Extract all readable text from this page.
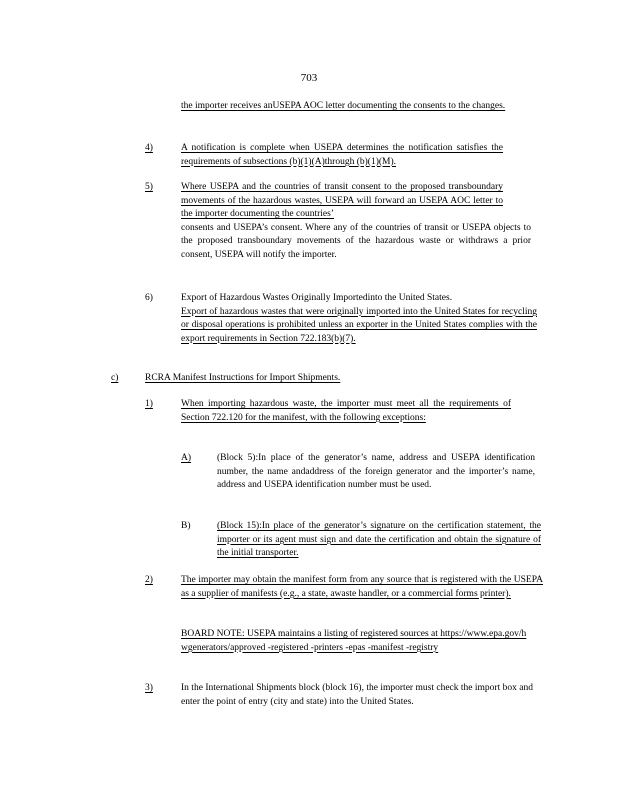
703
the importer receives anUSEPA AOC letter documenting the consents to the changes.
4)	A notification is complete when USEPA determines the notification satisfies the requirements of subsections (b)(1)(A)through (b)(1)(M).
5)	Where USEPA and the countries of transit consent to the proposed transboundary movements of the hazardous wastes, USEPA will forward an USEPA AOC letter to the importer documenting the countries’
consents and USEPA’s consent. Where any of the countries of transit or USEPA objects to the proposed transboundary movements of the hazardous waste or withdraws a prior consent, USEPA will notify the importer.
6)	Export of Hazardous Wastes Originally Importedinto the United States.
Export of hazardous wastes that were originally imported into the United States for recycling or disposal operations is prohibited unless an exporter in the United States complies with the export requirements in Section 722.183(b)(7).
c)	RCRA Manifest Instructions for Import Shipments.
1)	When importing hazardous waste, the importer must meet all the requirements of Section 722.120 for the manifest, with the following exceptions:
A)	(Block 5):In place of the generator’s name, address and USEPA identification number, the name andaddress of the foreign generator and the importer’s name, address and USEPA identification number must be used.
B)	(Block 15):In place of the generator’s signature on the certification statement, the importer or its agent must sign and date the certification and obtain the signature of the initial transporter.
2)	The importer may obtain the manifest form from any source that is registered with the USEPA as a supplier of manifests (e.g., a state, awaste handler, or a commercial forms printer).
BOARD NOTE: USEPA maintains a listing of registered sources at https://www.epa.gov/hwgenerators/approved -registered -printers -epas -manifest -registry
3)	In the International Shipments block (block 16), the importer must check the import box and enter the point of entry (city and state) into the United States.
